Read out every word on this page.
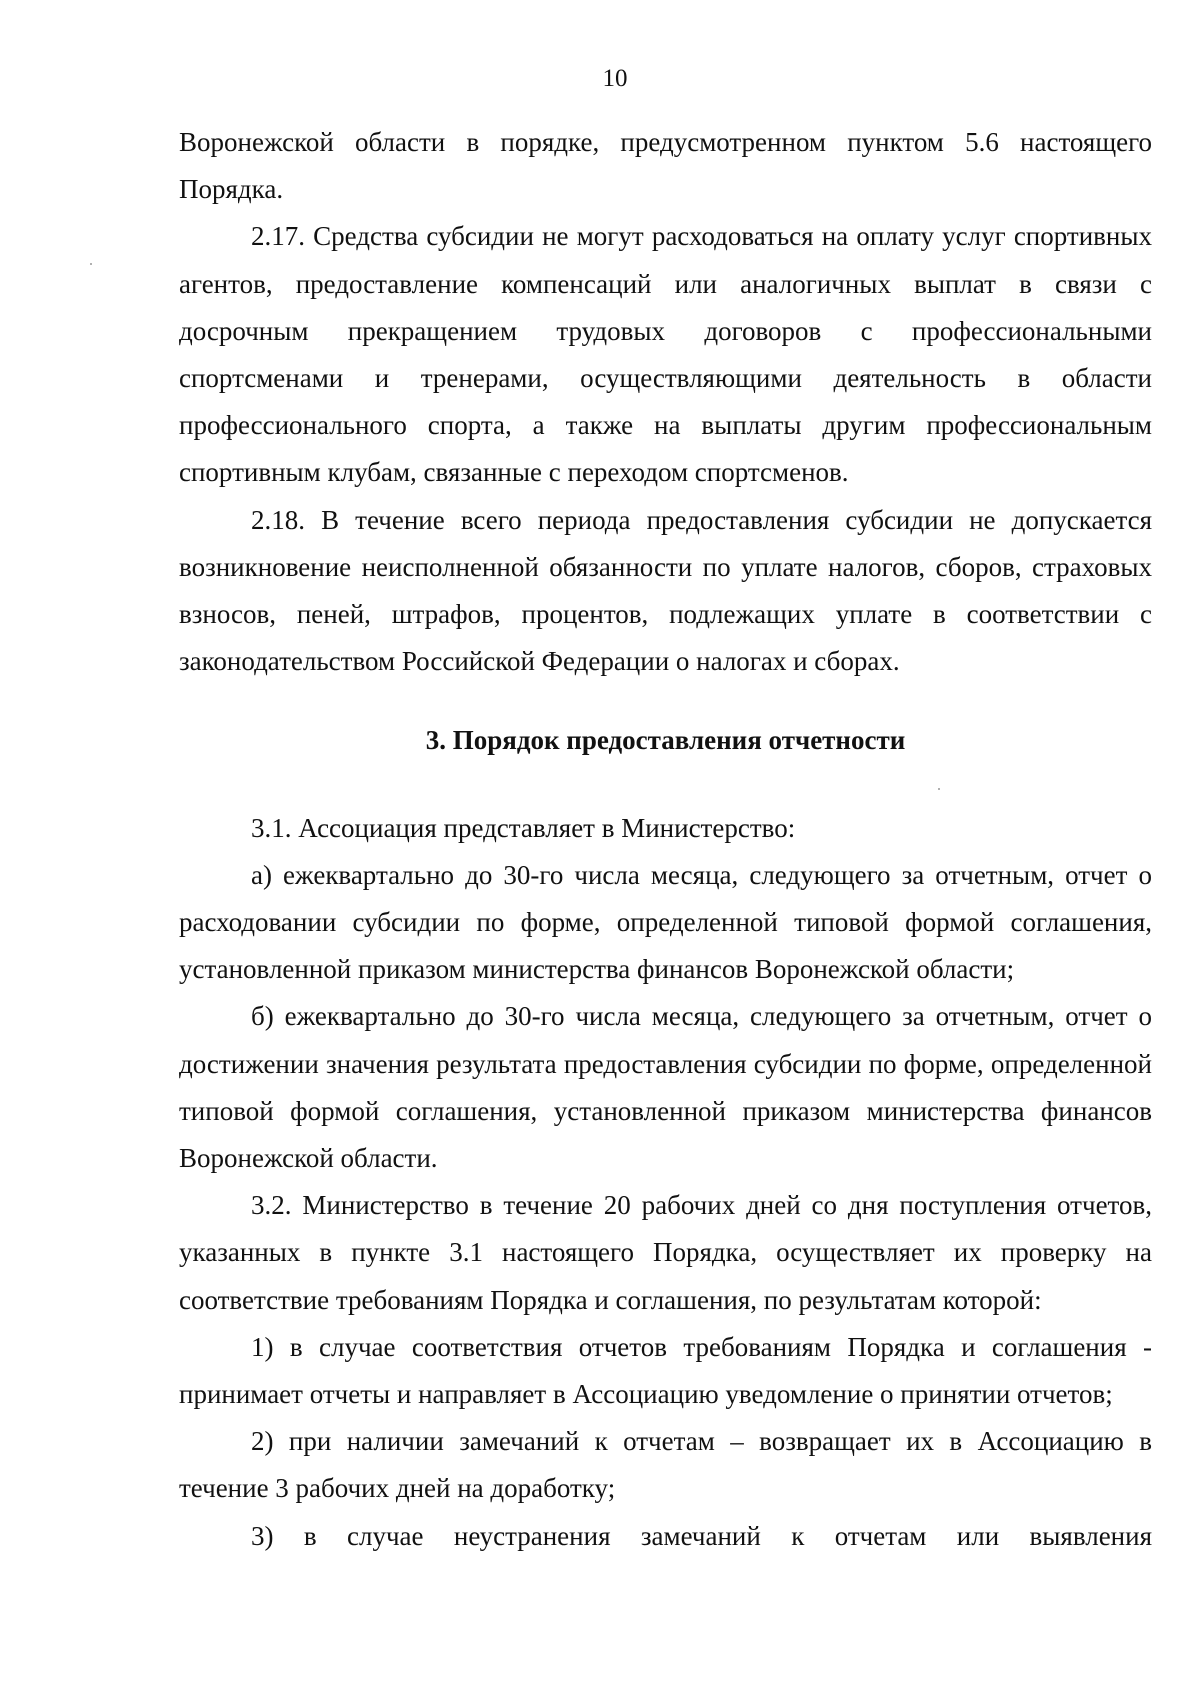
10

Воронежской области в порядке, предусмотренном пунктом 5.6 настоящего Порядка.

2.17. Средства субсидии не могут расходоваться на оплату услуг спортивных агентов, предоставление компенсаций или аналогичных выплат в связи с досрочным прекращением трудовых договоров с профессиональными спортсменами и тренерами, осуществляющими деятельность в области профессионального спорта, а также на выплаты другим профессиональным спортивным клубам, связанные с переходом спортсменов.

2.18. В течение всего периода предоставления субсидии не допускается возникновение неисполненной обязанности по уплате налогов, сборов, страховых взносов, пеней, штрафов, процентов, подлежащих уплате в соответствии с законодательством Российской Федерации о налогах и сборах.

3. Порядок предоставления отчетности

3.1. Ассоциация представляет в Министерство:

а) ежеквартально до 30-го числа месяца, следующего за отчетным, отчет о расходовании субсидии по форме, определенной типовой формой соглашения, установленной приказом министерства финансов Воронежской области;

б) ежеквартально до 30-го числа месяца, следующего за отчетным, отчет о достижении значения результата предоставления субсидии по форме, определенной типовой формой соглашения, установленной приказом министерства финансов Воронежской области.

3.2. Министерство в течение 20 рабочих дней со дня поступления отчетов, указанных в пункте 3.1 настоящего Порядка, осуществляет их проверку на соответствие требованиям Порядка и соглашения, по результатам которой:

1) в случае соответствия отчетов требованиям Порядка и соглашения - принимает отчеты и направляет в Ассоциацию уведомление о принятии отчетов;

2) при наличии замечаний к отчетам – возвращает их в Ассоциацию в течение 3 рабочих дней на доработку;

3) в случае неустранения замечаний к отчетам или выявления
